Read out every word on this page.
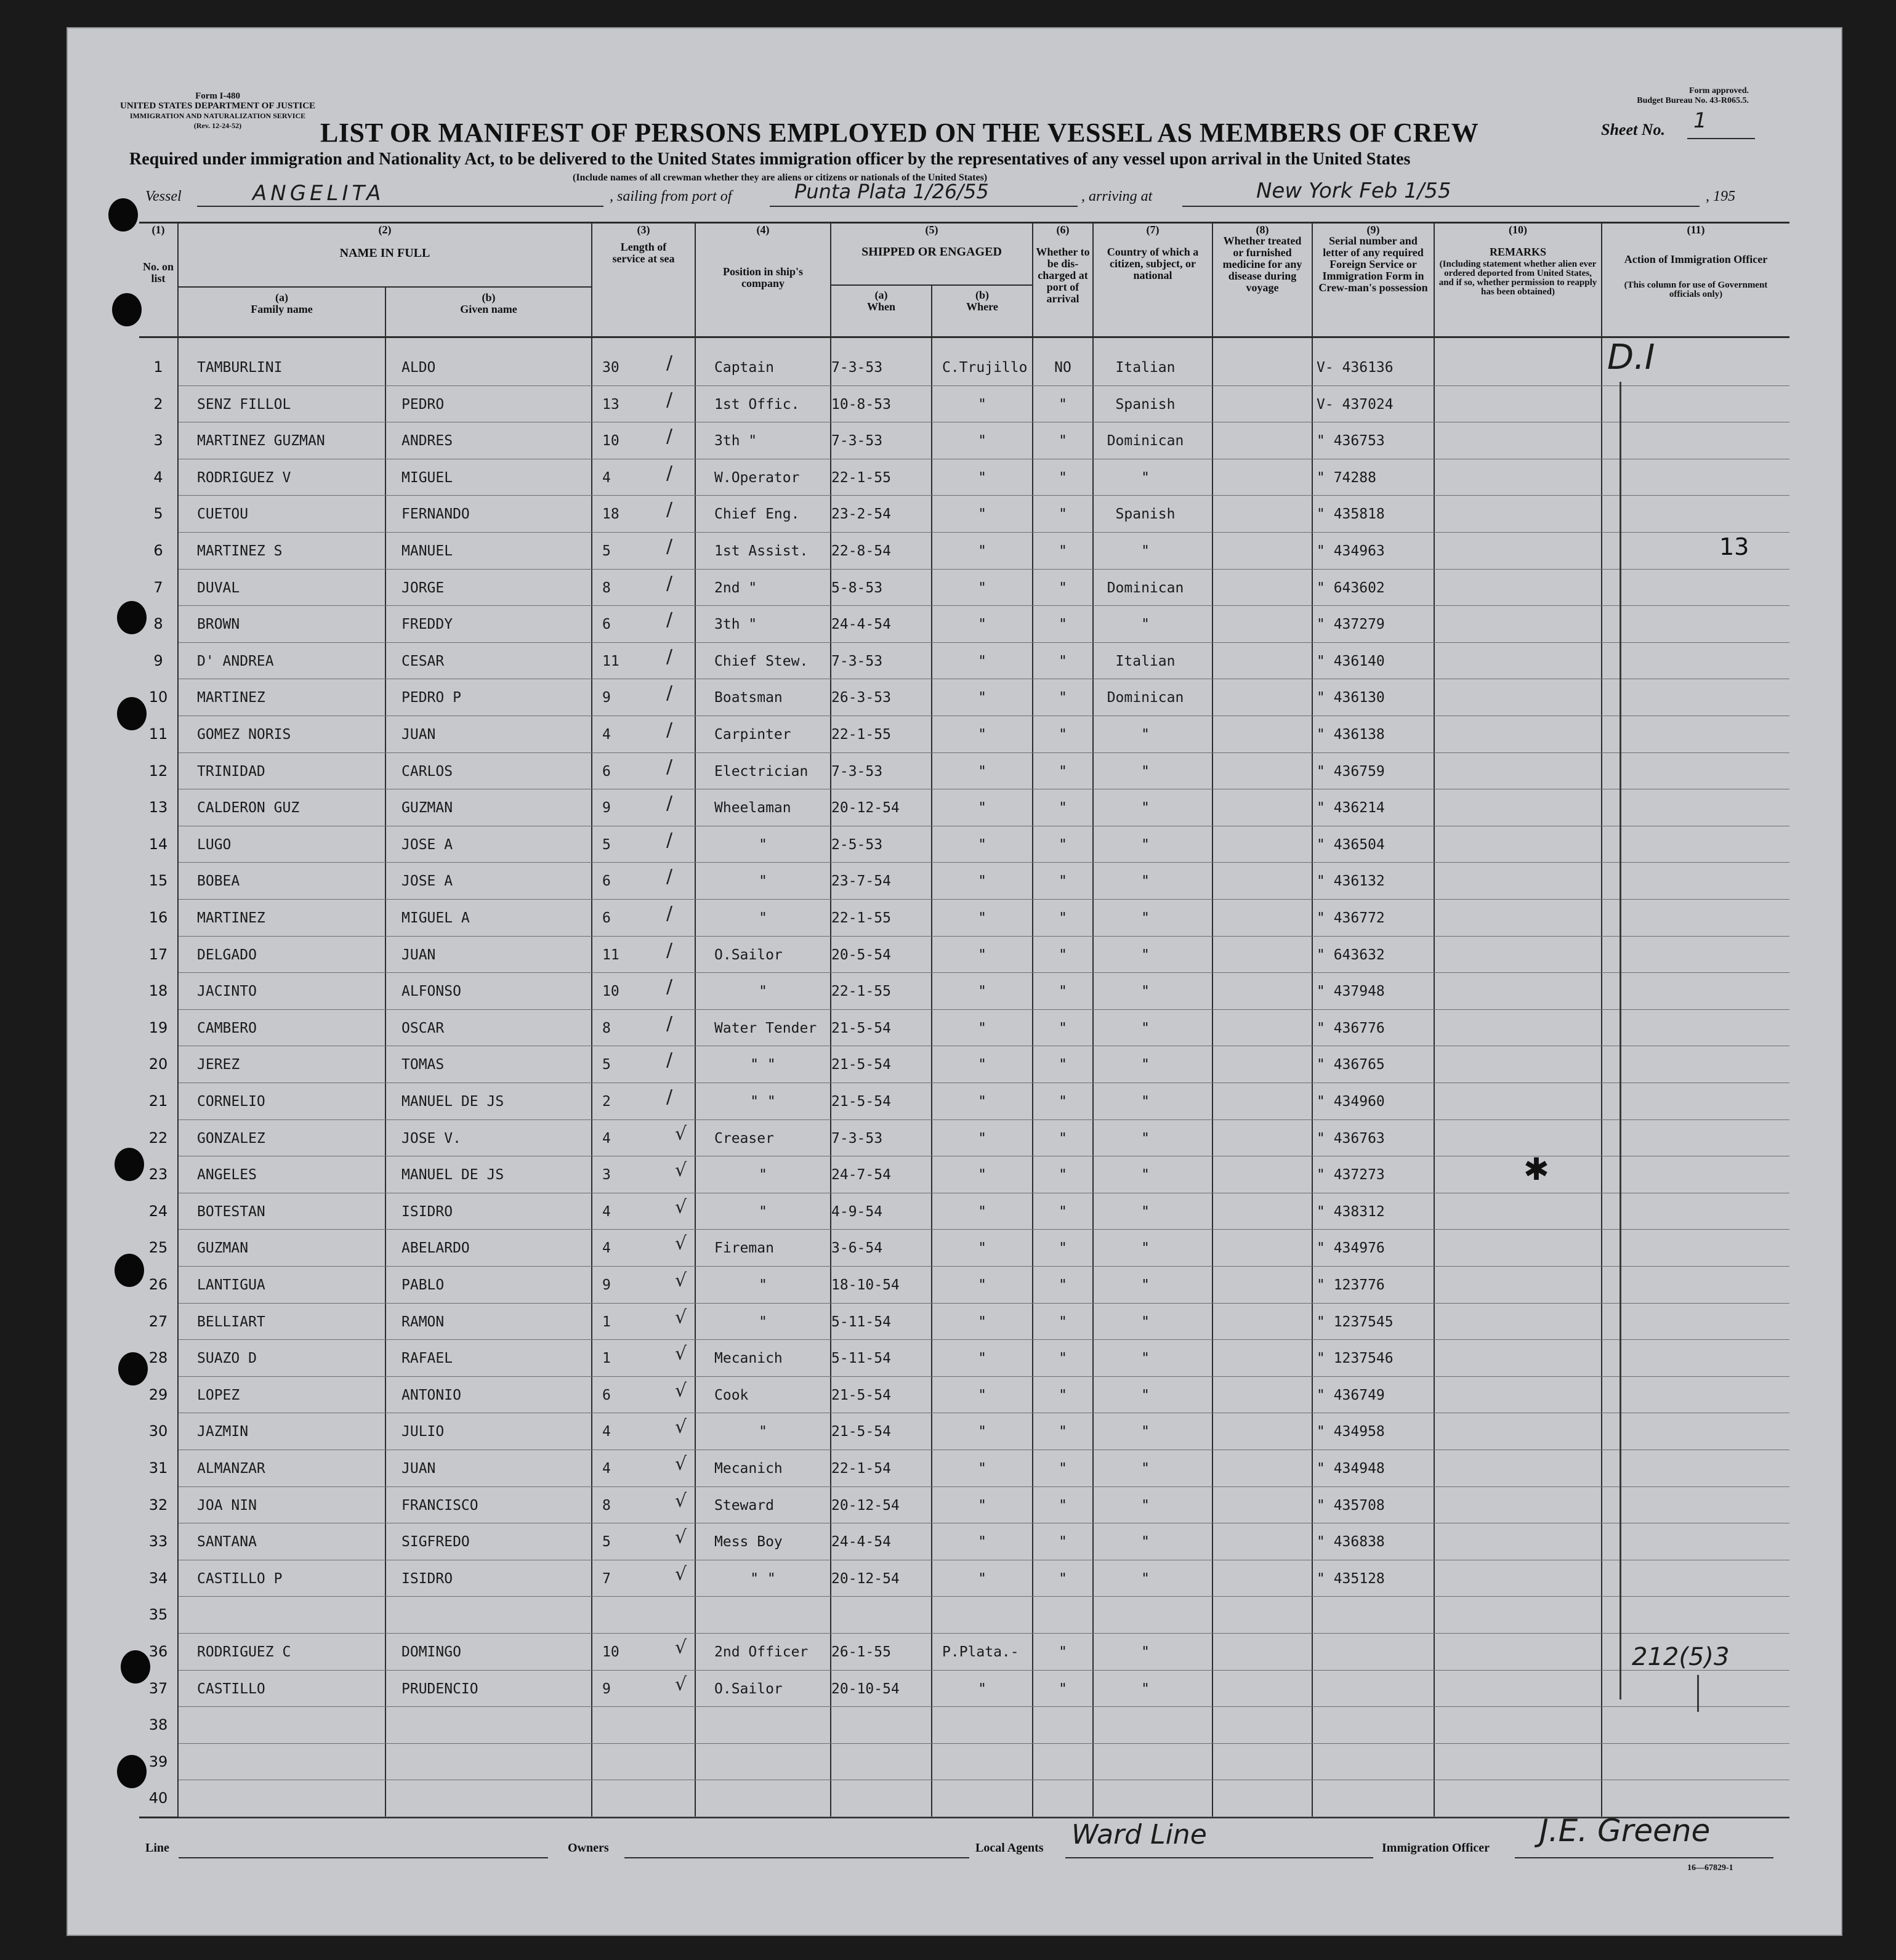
Form I-480
UNITED STATES DEPARTMENT OF JUSTICE
IMMIGRATION AND NATURALIZATION SERVICE
(Rev. 12-24-52)
Form approved.
Budget Bureau No. 43-R065.5.
LIST OR MANIFEST OF PERSONS EMPLOYED ON THE VESSEL AS MEMBERS OF CREW	Sheet No. 1
Required under immigration and Nationality Act, to be delivered to the United States immigration officer by the representatives of any vessel upon arrival in the United States
(Include names of all crewman whether they are aliens or citizens or nationals of the United States)
Vessel	ANGELITA	, sailing from port of	Punta Plata 1/26/55	, arriving at	New York Feb 1/55	, 195
(1)	(2)	(3)	(4)	(5)	(6)	(7)	(8)	(9)	(10)	(11)
No. on list
NAME IN FULL
(a)
Family name
(b)
Given name
Length of service at sea
Position in ship's company
SHIPPED OR ENGAGED
(a)
When
(b)
Where
Whether to be dis-charged at port of arrival
Country of which a citizen, subject, or national
Whether treated or furnished medicine for any disease during voyage
Serial number and letter of any required Foreign Service or Immigration Form in Crew-man's possession
REMARKS
(Including statement whether alien ever ordered deported from United States, and if so, whether permission to reapply has been obtained)
Action of Immigration Officer
(This column for use of Government officials only)
1	TAMBURLINI	ALDO	30	Captain	7-3-53	C.Trujillo	NO	Italian	V- 436136
/
2	SENZ FILLOL	PEDRO	13	1st Offic. 10-8-53	"	"	Spanish	V- 437024
/
3	MARTINEZ GUZMAN	ANDRES	10	3th "	7-3-53	"	"	Dominican	" 436753
/
4	RODRIGUEZ V	MIGUEL	4	W.Operator 22-1-55	"	"	"	" 74288
/
5	CUETOU	FERNANDO	18	Chief Eng. 23-2-54	"	"	Spanish	" 435818
/
6	MARTINEZ S	MANUEL	5	1st Assist. 22-8-54	"	"	"	" 434963
/
7	DUVAL	JORGE	8	2nd "	5-8-53	"	"	Dominican	" 643602
/
8	BROWN	FREDDY	6	3th "	24-4-54	"	"	"	" 437279
/
9	D' ANDREA	CESAR	11	Chief Stew. 7-3-53	"	"	Italian	" 436140
/
10	MARTINEZ	PEDRO P	9	Boatsman	26-3-53	"	"	Dominican	" 436130
/
11	GOMEZ NORIS	JUAN	4	Carpinter	22-1-55	"	"	"	" 436138
/
12	TRINIDAD	CARLOS	6	Electrician 7-3-53	"	"	"	" 436759
/
13	CALDERON GUZ	GUZMAN	9	Wheelaman	20-12-54	"	"	"	" 436214
/
14	LUGO	JOSE A	5	"	2-5-53	"	"	"	" 436504
/
15	BOBEA	JOSE A	6	"	23-7-54	"	"	"	" 436132
/
16	MARTINEZ	MIGUEL A	6	"	22-1-55	"	"	"	" 436772
/
17	DELGADO	JUAN	11	O.Sailor	20-5-54	"	"	"	" 643632
/
18	JACINTO	ALFONSO	10	"	22-1-55	"	"	"	" 437948
/
19	CAMBERO	OSCAR	8	Water Tender 21-5-54	"	"	"	" 436776
/
20	JEREZ	TOMAS	5	" "	21-5-54	"	"	"	" 436765
/
21	CORNELIO	MANUEL DE JS	2	" "	21-5-54	"	"	"	" 434960
/
22	GONZALEZ	JOSE V.	4	Creaser	7-3-53	"	"	"	" 436763
√
23	ANGELES	MANUEL DE JS	3	"	24-7-54	"	"	"	" 437273
√
24	BOTESTAN	ISIDRO	4	"	4-9-54	"	"	"	" 438312
√
25	GUZMAN	ABELARDO	4	Fireman	3-6-54	"	"	"	" 434976
√
26	LANTIGUA	PABLO	9	"	18-10-54	"	"	"	" 123776
√
27	BELLIART	RAMON	1	"	5-11-54	"	"	"	" 1237545
√
28	SUAZO D	RAFAEL	1	Mecanich	5-11-54	"	"	"	" 1237546
√
29	LOPEZ	ANTONIO	6	Cook	21-5-54	"	"	"	" 436749
√
30	JAZMIN	JULIO	4	"	21-5-54	"	"	"	" 434958
√
31	ALMANZAR	JUAN	4	Mecanich	22-1-54	"	"	"	" 434948
√
32	JOA NIN	FRANCISCO	8	Steward	20-12-54	"	"	"	" 435708
√
33	SANTANA	SIGFREDO	5	Mess Boy	24-4-54	"	"	"	" 436838
√
34	CASTILLO P	ISIDRO	7	" "	20-12-54	"	"	"	" 435128
√
35
36	RODRIGUEZ C	DOMINGO	10	2nd Officer 26-1-55	P.Plata.-	"	"
√
37	CASTILLO	PRUDENCIO	9	O.Sailor	20-10-54	"	"	"
√
38
39
40
D.I
13
212(5)3
✱
Line	Owners	Local Agents Ward Line	Immigration Officer J.E. Greene
16—67829-1
